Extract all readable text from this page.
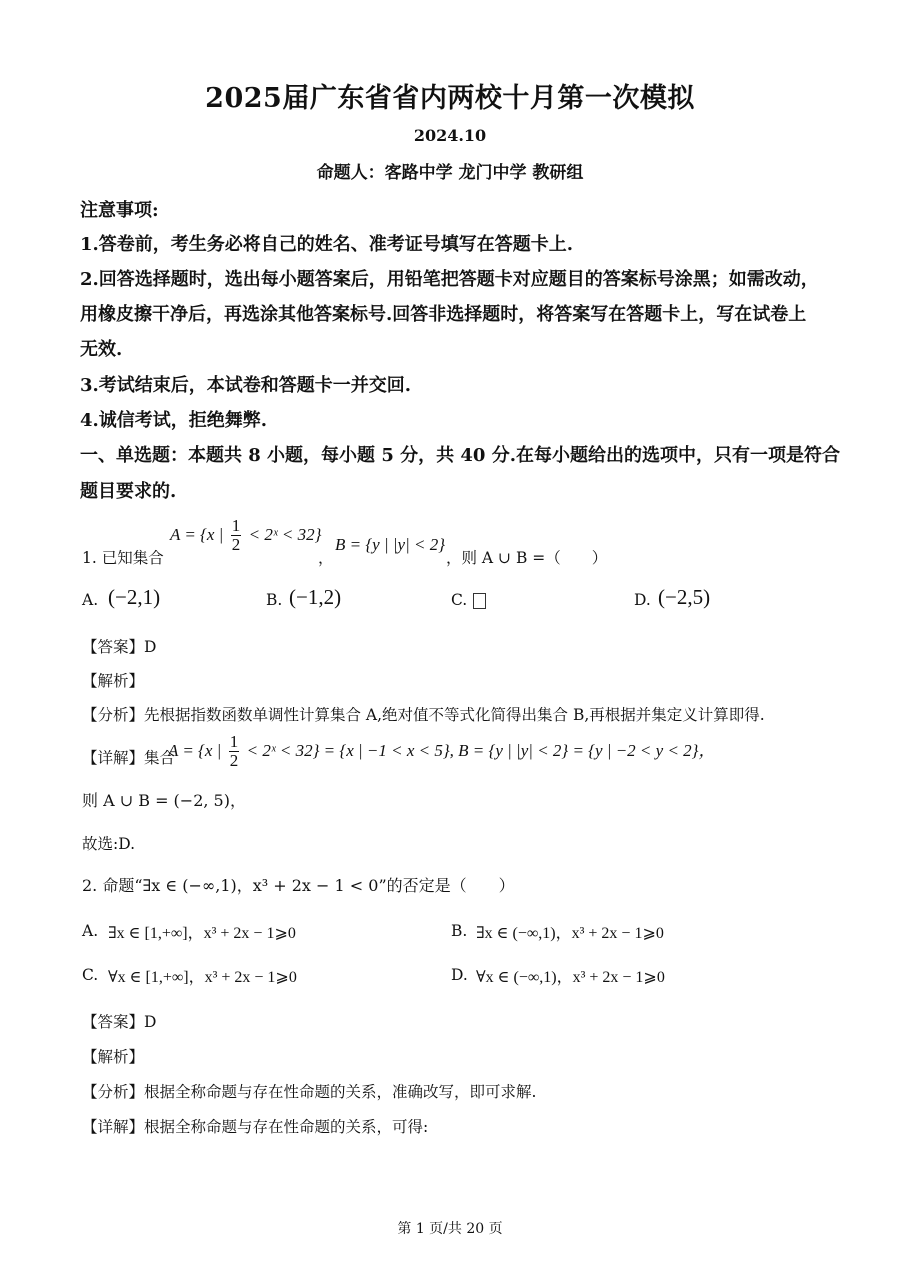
2025届广东省省内两校十月第一次模拟
2024.10
命题人：客路中学 龙门中学 教研组
注意事项:
1.答卷前，考生务必将自己的姓名、准考证号填写在答题卡上.
2.回答选择题时，选出每小题答案后，用铅笔把答题卡对应题目的答案标号涂黑；如需改动，
用橡皮擦干净后，再选涂其他答案标号.回答非选择题时，将答案写在答题卡上，写在试卷上
无效.
3.考试结束后，本试卷和答题卡一并交回.
4.诚信考试，拒绝舞弊.
一、单选题：本题共 8 小题，每小题 5 分，共 40 分.在每小题给出的选项中，只有一项是符合
题目要求的.
1. 已知集合
A = {x | $\frac{1}{2}$ < 2ˣ < 32}
，
B = {y | |y| < 2}
，则 A ∪ B =（　　）
A. (−2,1)	B. (−1,2)	C.	D. (−2,5)
【答案】D
【解析】
【分析】先根据指数函数单调性计算集合 A,绝对值不等式化简得出集合 B,再根据并集定义计算即得.
【详解】集合
A = {x | $\frac{1}{2}$ < 2ˣ < 32} = {x | −1 < x < 5}, B = {y | |y| < 2} = {y | −2 < y < 2}，
则 A ∪ B = (−2, 5)，
故选:D.
2. 命题“∃x ∈ (−∞,1)，x³ + 2x − 1 < 0”的否定是（　　）
A. ∃x ∈ [1,+∞]，x³ + 2x − 1⩾0	B. ∃x ∈ (−∞,1)，x³ + 2x − 1⩾0
C. ∀x ∈ [1,+∞]，x³ + 2x − 1⩾0	D. ∀x ∈ (−∞,1)，x³ + 2x − 1⩾0
【答案】D
【解析】
【分析】根据全称命题与存在性命题的关系，准确改写，即可求解.
【详解】根据全称命题与存在性命题的关系，可得:
第 1 页/共 20 页
